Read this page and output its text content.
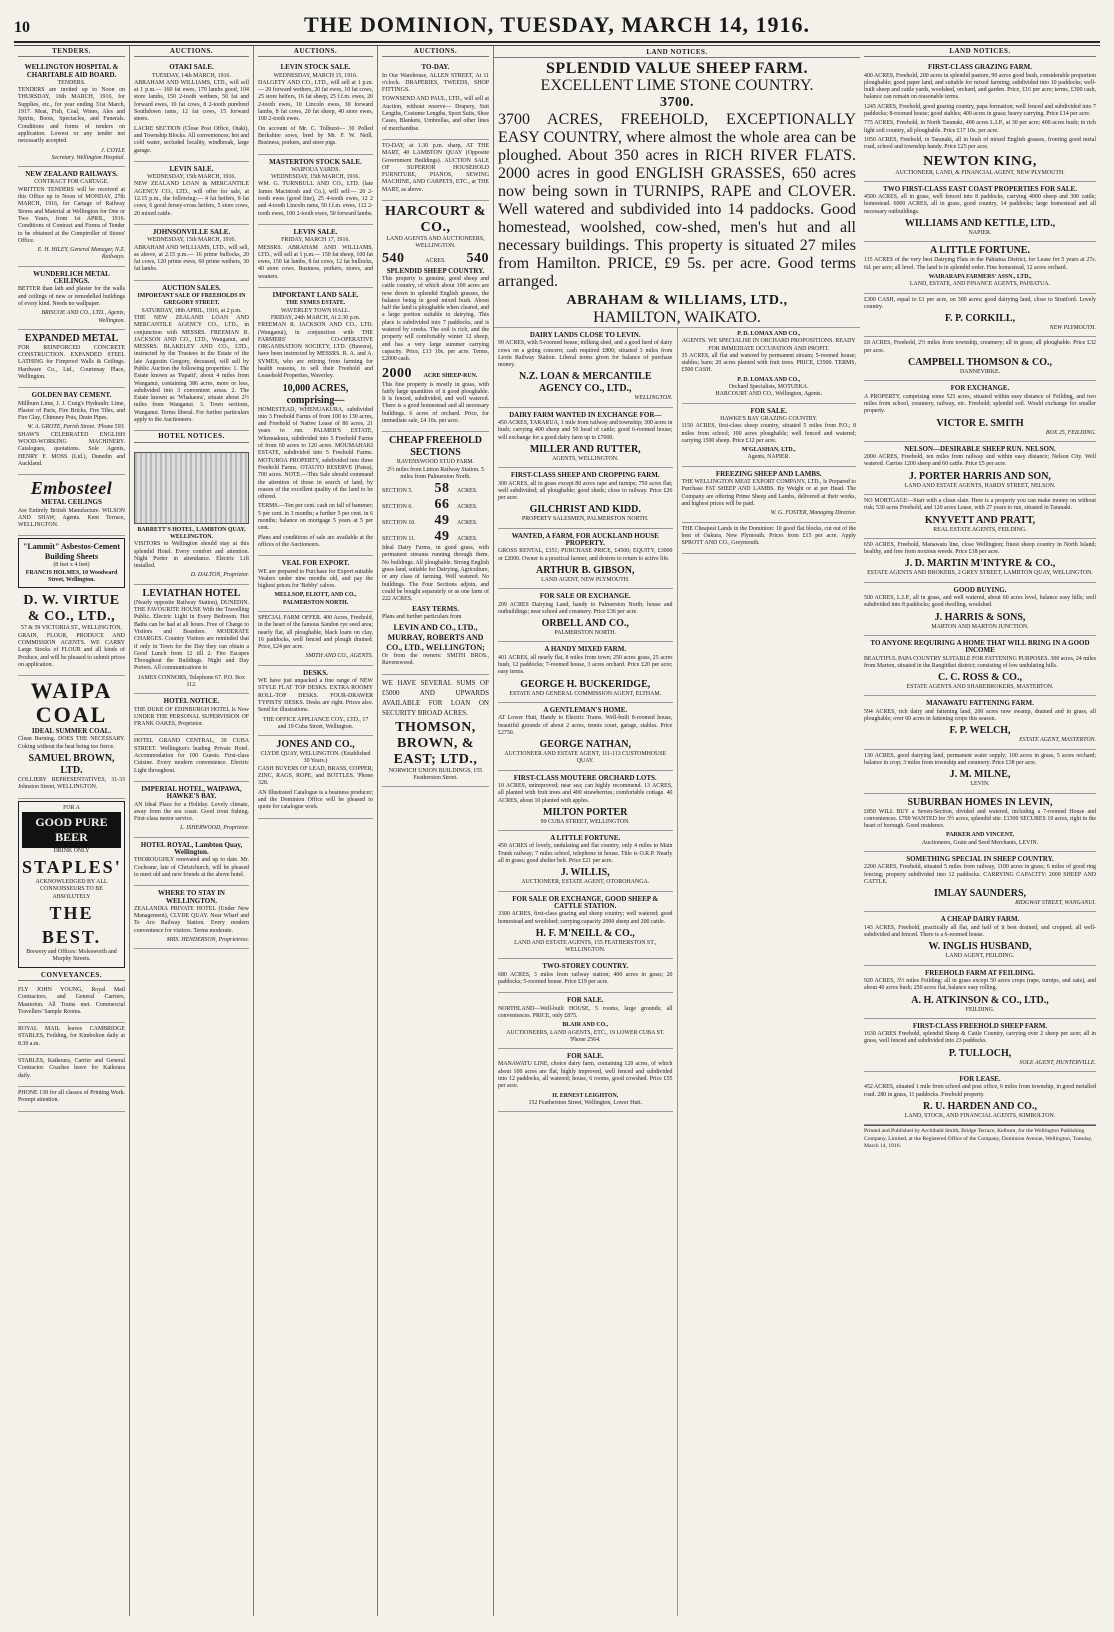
10	THE DOMINION, TUESDAY, MARCH 14, 1916.
TENDERS.
WELLINGTON HOSPITAL & CHARITABLE AID BOARD.
TENDERS.

TENDERS are invited up to Noon on THURSDAY, 16th MARCH, 1916, for Supplies, etc., for year ending 31st March, 1917. Meat, Fish, Coal, Wines, Ales and Spirits, Boots, Spectacles, and Funerals. Conditions and forms of tenders on application. Lowest or any tender not necessarily accepted.

J. COYLE
Secretary. Wellington Hospital.
NEW ZEALAND RAILWAYS.
CONTRACT FOR CARTAGE.

WRITTEN TENDERS will be received at this Office up to Noon of MONDAY, 27th MARCH, 1916, for Cartage of Railway Stores and Material at Wellington for One or Two Years, from 1st APRIL, 1916. Conditions of Contract and Forms of Tender to be obtained at the Comptroller of Stores' Office.

E. H. HILEY, General Manager, N.Z. Railways.
WUNDERLICH METAL CEILINGS.

BETTER than lath and plaster for the walls and ceilings of new or remodelled buildings of every kind. Needs no wallpaper.

BRISCOE AND CO., LTD., Agents, Wellington.
EXPANDED METAL

FOR REINFORCED CONCRETE CONSTRUCTION. EXPANDED STEEL LATHING for Fireproof Walls & Ceilings. Hardware Co., Ltd., Courtenay Place, Wellington.

GOLDEN BAY CEMENT.

Millburn Lime, J. J. Craig's Hydraulic Lime, Plaster of Paris, Fire Bricks, Fire Tiles, and Fire Clay, Chimney Pots, Drain Pipes.

W. A. GROTE, Parish Street. 'Phone 593.

SHAW'S CELEBRATED ENGLISH WOOD-WORKING MACHINERY. Catalogues, quotations. Sole Agents, HENRY F. MOSS (Ltd.), Dunedin and Auckland.

Embosteel
METAL CEILINGS

Are Entirely British Manufacture. WILSON AND SHAW, Agents. Kent Terrace, WELLINGTON.

"Lammit" Asbestos-Cement Building Sheets
(8 feet x 4 feet)
FRANCIS HOLMES, 10 Woodward Street, Wellington.
D. W. VIRTUE & CO., LTD.,
57 & 59 VICTORIA ST., WELLINGTON,

GRAIN, FLOUR, PRODUCE AND COMMISSION AGENTS. WE CARRY Large Stocks of FLOUR and all kinds of Produce, and will be pleased to submit prices on application.

WAIPA COAL
IDEAL SUMMER COAL.

Clean Burning. DOES THE NECESSARY. Coking without the heat being too fierce.

SAMUEL BROWN, LTD.

COLLIERY REPRESENTATIVES, 31-33 Johnston Street, WELLINGTON.

FOR A
GOOD PURE BEER
DRINK ONLY
STAPLES'
ACKNOWLEDGED BY ALL CONNOISSEURS TO BE ABSOLUTELY
THE BEST.
Brewery and Offices: Molesworth and Murphy Streets.
CONVEYANCES.

FLY JOHN YOUNG, Royal Mail Contractors, and General Carriers, Masterton. All Trains met. Commercial Travellers' Sample Rooms.

ROYAL MAIL leaves CAMBRIDGE STABLES, Feilding, for Kimbolton daily at 8.30 a.m.

STABLES, Kaikoura, Carrier and General Contractor. Coaches leave for Kaikoura daily.

PHONE 138 for all classes of Printing Work. Prompt attention.

AUCTIONS.
OTAKI SALE.
TUESDAY, 14th MARCH, 1916.

ABRAHAM AND WILLIAMS, LTD., will sell at 1 p.m.— 160 fat ewes, 170 lambs good, 104 store lambs, 150 2-tooth wethers, 50 fat and forward ewes, 10 fat cows, 8 2-tooth purebred Southdown rams, 12 fat cows, 15 forward steers.

LACRE SECTION (Close Post Office, Otaki), and Township Blocks. All conveniences; hot and cold water, secluded locality, windbreak, large garage.

LEVIN SALE.
WEDNESDAY, 15th MARCH, 1916.

NEW ZEALAND LOAN & MERCANTILE AGENCY CO., LTD., will offer for sale, at 12.15 p.m., the following:— 4 fat heifers, 8 fat cows, 6 good Jersey-cross heifers, 5 store cows, 20 mixed cattle.

JOHNSONVILLE SALE.
WEDNESDAY, 15th MARCH, 1916.

ABRAHAM AND WILLIAMS, LTD., will sell, as above, at 2.15 p.m.— 16 prime bullocks, 20 fat cows, 120 prime ewes, 60 prime wethers, 30 fat lambs.

AUCTION SALES.
IMPORTANT SALE OF FREEHOLDS IN GREGORY STREET.
SATURDAY, 18th APRIL, 1916, at 2 p.m.

THE NEW ZEALAND LOAN AND MERCANTILE AGENCY CO., LTD., in conjunction with MESSRS. FREEMAN R. JACKSON AND CO., LTD., Wanganui, and MESSRS. BLAKELEY AND CO., LTD., instructed by the Trustees in the Estate of the late Augustin Gregory, deceased, will sell by Public Auction the following properties: 1. The Estate known as 'Papaiti', about 4 miles from Wanganui, containing 386 acres, more or less, subdivided into 3 convenient areas. 2. The Estate known as 'Whakaora', situate about 2½ miles from Wanganui. 3. Town sections, Wanganui. Terms liberal. For further particulars apply to the Auctioneers.

HOTEL NOTICES.
BARRETT'S HOTEL, LAMBTON QUAY, WELLINGTON.

VISITORS to Wellington should stay at this splendid Hotel. Every comfort and attention. Night Porter in attendance. Electric Lift installed.

D. DALTON, Proprietor.
LEVIATHAN HOTEL

(Nearly opposite Railway Station), DUNEDIN. THE FAVOURITE HOUSE With the Travelling Public. Electric Light in Every Bedroom. Hot Baths can be had at all hours. Free of Charge to Visitors and Boarders. MODERATE CHARGES. Country Visitors are reminded that if only in Town for the Day they can obtain a Good Lunch from 12 till 2. Fire Escapes Throughout the Buildings. Night and Day Porters. All communications to

JAMES CONNORS, Telephone 67. P.O. Box 112.
HOTEL NOTICE.

THE DUKE OF EDINBURGH HOTEL Is Now UNDER THE PERSONAL SUPERVISION OF FRANK OAKES, Proprietor.

HOTEL GRAND CENTRAL, 39 CUBA STREET. Wellington's leading Private Hotel. Accommodation for 100 Guests. First-class Cuisine. Every modern convenience. Electric Light throughout.

IMPERIAL HOTEL, WAIPAWA, HAWKE'S BAY.

AN Ideal Place for a Holiday. Lovely climate, away from the sea coast. Good trout fishing. First-class motor service.

L. ISHERWOOD, Proprietor.
HOTEL ROYAL, Lambton Quay, Wellington.

THOROUGHLY renovated and up to date. Mr. Cochrane, late of Christchurch, will be pleased to meet old and new friends at the above hotel.

WHERE TO STAY IN WELLINGTON.

ZEALANDIA PRIVATE HOTEL (Under New Management), CLYDE QUAY. Near Wharf and Te Aro Railway Station. Every modern convenience for visitors. Terms moderate.

MRS. HENDERSON, Proprietress.
AUCTIONS.
LEVIN STOCK SALE.
WEDNESDAY, MARCH 15, 1916.

DALGETY AND CO., LTD., will sell at 1 p.m.— 20 forward wethers, 20 fat ewes, 10 fat cows, 25 store heifers, 16 fat sheep, 25 f.f.m. ewes, 20 2-tooth ewes, 10 Lincoln ewes, 30 forward lambs, 8 fat cows, 20 fat sheep, 40 store ewes, 100 2-tooth ewes.

On account of Mr. C. Tolhurst— 30 Polled Berkshire sows, bred by Mr. F. W. Neill. Business, porkers, and store pigs.

MASTERTON STOCK SALE.
WAIPOUA YARDS.
WEDNESDAY, 15th MARCH, 1916.

WM. G. TURNBULL AND CO., LTD. (late James Macintosh and Co.), will sell:— 20 2-tooth ewes (good line), 25 4-tooth ewes, 12 2 and 4-tooth Lincoln rams, 50 f.f.m. ewes, 112 2-tooth ewes, 100 2-tooth ewes, 50 forward lambs.

LEVIN SALE.
FRIDAY, MARCH 17, 1916.

MESSRS. ABRAHAM AND WILLIAMS, LTD., will sell at 1 p.m.— 150 fat sheep, 100 fat ewes, 150 fat lambs, 8 fat cows, 12 fat bullocks, 40 store cows. Business, porkers, stores, and weaners.

IMPORTANT LAND SALE.
THE SYMES ESTATE.
WAVERLEY TOWN HALL.
FRIDAY, 24th MARCH, At 2.30 p.m.

FREEMAN R. JACKSON AND CO., LTD. (Wanganui), in conjunction with THE FARMERS' CO-OPERATIVE ORGANISATION SOCIETY, LTD. (Hawera), have been instructed by MESSRS. R. A. and A. SYMES, who are retiring from farming for health reasons, to sell their Freehold and Leasehold Properties, Waverley.

10,000 ACRES, comprising—

HOMESTEAD, WHENUAKURA, subdivided into 3 Freehold Farms of from 100 to 130 acres, and Freehold of Native Lease of 86 acres, 21 years to run. PALMER'S ESTATE, Whenuakura, subdivided into 5 Freehold Farms of from 60 acres to 120 acres. MOUMAHAKI ESTATE, subdivided into 5 Freehold Farms. MOTUROA PROPERTY, subdivided into three Freehold Farms. OTAUTO RESERVE (Patea), 700 acres. NOTE.—This Sale should command the attention of those in search of land, by reason of the excellent quality of the land to be offered.

TERMS.—Ten per cent. cash on fall of hammer; 5 per cent. in 3 months; a further 5 per cent. in 6 months; balance on mortgage 5 years at 5 per cent.

Plans and conditions of sale are available at the offices of the Auctioneers.

VEAL FOR EXPORT.

WE are prepared to Purchase for Export suitable Vealers under nine months old, and pay the highest prices for 'Bobby' calves.

MELLSOP, ELIOTT, AND CO., PALMERSTON NORTH.

SPECIAL FARM OFFER. 400 Acres, Freehold, in the heart of the famous Sandon rye seed area; nearly flat, all ploughable, black loam on clay, 16 paddocks, well fenced and plough drained. Price, £24 per acre.

SMITH AND CO., AGENTS.
DESKS.

WE have just unpacked a fine range of NEW STYLE FLAT TOP DESKS. EXTRA ROOMY ROLL-TOP DESKS. FOUR-DRAWER TYPISTS' DESKS. Desks are right. Prices also. Send for illustrations.

THE OFFICE APPLIANCE COY., LTD., 17 and 19 Cuba Street, Wellington.
JONES AND CO.,
CLYDE QUAY, WELLINGTON. (Established 30 Years.)

CASH BUYERS OF LEAD, BRASS, COPPER, ZINC, RAGS, ROPE, and BOTTLES. 'Phone 328.

AN Illustrated Catalogue is a business producer; and the Dominion Office will be pleased to quote for catalogue work.

AUCTIONS.
TO-DAY.

In Our Warehouse, ALLEN STREET, At 11 o'clock. DRAPERIES, TWEEDS, SHOP FITTINGS.

TOWNSEND AND PAUL, LTD., will sell at Auction, without reserve— Drapery, Suit Lengths, Costume Lengths, Sport Suits, Shoe Cases, Blankets, Umbrellas, and other lines of merchandise.

TO-DAY, at 1.30 p.m. sharp, AT THE MART, 40 LAMBTON QUAY (Opposite Government Buildings). AUCTION SALE OF SUPERIOR HOUSEHOLD FURNITURE, PIANOS, SEWING MACHINE, AND CARPETS, ETC., at THE MART, as above.

HARCOURT & CO.,
LAND AGENTS AND AUCTIONEERS, WELLINGTON.
540	ACRES.	540
SPLENDID SHEEP COUNTRY.

This property is genuine, good sheep and cattle country, of which about 100 acres are now down in splendid English grasses, the balance being in good mixed bush. About half the land is ploughable when cleared, and a large portion suitable to dairying. This place is subdivided into 7 paddocks, and is watered by creeks. The soil is rich, and the property will comfortably winter 12 sheep, and has a very large summer carrying capacity. Price, £13 10s. per acre. Terms, £2000 cash.

2000	ACRE SHEEP-RUN.

This fine property is mostly in grass, with fairly large quantities of it good ploughable. It is fenced, subdivided, and well watered. There is a good homestead and all necessary buildings. 6 acres of orchard. Price, for immediate sale, £4 10s. per acre.

CHEAP FREEHOLD SECTIONS
RAVENSWOOD STUD FARM.
2½ miles from Linton Railway Station. 5 miles from Palmerston North.
SECTION 5.	58	ACRES.
SECTION 6.	66	ACRES.
SECTION 10.	49	ACRES.
SECTION 11.	49	ACRES.

Ideal Dairy Farms, in good grass, with permanent streams running through them. No buildings. All ploughable. Strong English grass land, suitable for Dairying, Agriculture, or any class of farming. Well watered. No buildings. The Four Sections adjoin, and could be bought separately or as one farm of 222 ACRES.

EASY TERMS.

Plans and further particulars from

LEVIN AND CO., LTD., MURRAY, ROBERTS AND CO., LTD., WELLINGTON;

Or from the owners: SMITH BROS., Ravenswood.

WE HAVE SEVERAL SUMS OF £5000 AND UPWARDS AVAILABLE FOR LOAN ON SECURITY BROAD ACRES.

THOMSON, BROWN, & EAST; LTD.,
NORWICH UNION BUILDINGS, 155 Featherston Street.
LAND NOTICES.
SPLENDID VALUE SHEEP FARM.
EXCELLENT LIME STONE COUNTRY.
3700.

3700 ACRES, FREEHOLD, EXCEPTIONALLY EASY COUNTRY, where almost the whole area can be ploughed. About 350 acres in RICH RIVER FLATS. 2000 acres in good ENGLISH GRASSES, 650 acres now being sown in TURNIPS, RAPE and CLOVER. Well watered and subdivided into 14 paddocks. Good homestead, woolshed, cow-shed, men's hut and all necessary buildings. This property is situated 27 miles from Hamilton. PRICE, £9 5s. per acre. Good terms arranged.

ABRAHAM & WILLIAMS, LTD.,
HAMILTON, WAIKATO.
DAIRY LANDS CLOSE TO LEVIN.

99 ACRES, with 5-roomed house, milking shed, and a good herd of dairy cows on a going concern; cash required £800; situated 3 miles from Levin Railway Station. Liberal terms given for balance of purchase money.

N.Z. LOAN & MERCANTILE AGENCY CO., LTD.,
WELLINGTON.
DAIRY FARM WANTED IN EXCHANGE FOR—

450 ACRES, TARARUA, 1 mile from railway and township; 300 acres in bush; carrying 400 sheep and 50 head of cattle; good 6-roomed house; will exchange for a good dairy farm up to £7000.

MILLER AND RUTTER,
AGENTS, WELLINGTON.
FIRST-CLASS SHEEP AND CROPPING FARM.

300 ACRES, all in grass except 80 acres rape and turnips; 750 acres flat; well subdivided; all ploughable; good sheds; close to railway. Price £26 per acre.

GILCHRIST AND KIDD.
PROPERTY SALESMEN, PALMERSTON NORTH.
WANTED, A FARM, FOR AUCKLAND HOUSE PROPERTY.

GROSS RENTAL, £351; PURCHASE PRICE, £4500; EQUITY, £3000 or £2000. Owner is a practical farmer, and desires to return to active life.

ARTHUR B. GIBSON,
LAND AGENT, NEW PLYMOUTH.
FOR SALE OR EXCHANGE.

209 ACRES Dairying Land, handy to Palmerston North; house and outbuildings; near school and creamery. Price £36 per acre.

ORBELL AND CO.,
PALMERSTON NORTH.
A HANDY MIXED FARM.

401 ACRES, all nearly flat, 8 miles from town; 250 acres grass, 25 acres bush, 12 paddocks; 7-roomed house, 3 acres orchard. Price £20 per acre; easy terms.

GEORGE H. BUCKERIDGE,
ESTATE AND GENERAL COMMISSION AGENT, ELTHAM.
A GENTLEMAN'S HOME.

AT Lower Hutt, Handy to Electric Trams. Well-built 8-roomed house, beautiful grounds of about 2 acres, tennis court, garage, stables. Price £2750.

GEORGE NATHAN,
AUCTIONEER AND ESTATE AGENT, 111-113 CUSTOMHOUSE QUAY.
FIRST-CLASS MOUTERE ORCHARD LOTS.

10 ACRES, unimproved; near sea; can highly recommend. 13 ACRES, all planted with fruit trees and 400 strawberries; comfortable cottage. 40 ACRES, about 10 planted with apples.

MILTON PORTER
99 CUBA STREET, WELLINGTON.
A LITTLE FORTUNE.

450 ACRES of lovely, undulating and flat country, only 4 miles to Main Trunk railway; 7 miles school, telephone in house. Title is O.R.P. Nearly all in grass; good shelter belt. Price £21 per acre.

J. WILLIS,
AUCTIONEER, ESTATE AGENT, OTOROHANGA.
FOR SALE OR EXCHANGE, GOOD SHEEP & CATTLE STATION.

3300 ACRES, first-class grazing and sheep country; well watered; good homestead and woolshed; carrying capacity 2000 sheep and 200 cattle.

H. F. M'NEILL & CO.,
LAND AND ESTATE AGENTS, 155 FEATHERSTON ST., WELLINGTON.
TWO-STOREY COUNTRY.

680 ACRES, 3 miles from railway station; 400 acres in grass; 20 paddocks; 5-roomed house. Price £19 per acre.

FOR SALE.

NORTHLAND—Well-built HOUSE, 5 rooms, large grounds; all conveniences. PRICE, only £875.

BLAIR AND CO.,
AUCTIONEERS, LAND AGENTS, ETC., 19 LOWER CUBA ST.
'Phone 2564.
FOR SALE.

MANAWATU LINE, choice dairy farm, containing 120 acres, of which about 100 acres are flat, highly improved, well fenced and subdivided into 12 paddocks, all watered; house, 6 rooms, good cowshed. Price £55 per acre.

H. ERNEST LEIGHTON,
152 Featherston Street, Wellington, Lower Hutt.
P. D. LOMAX AND CO.,
AGENTS. WE SPECIALISE IN ORCHARD PROPOSITIONS. READY FOR IMMEDIATE OCCUPATION AND PROFIT.

35 ACRES, all flat and watered by permanent stream; 5-roomed house; stables; barn; 20 acres planted with fruit trees. PRICE, £3500. TERMS, £500 CASH.

P. D. LOMAX AND CO.,
Orchard Specialists, MOTUEKA.
HARCOURT AND CO., Wellington, Agents.
FOR SALE.
HAWKE'S BAY GRAZING COUNTRY.

1150 ACRES, first-class sheep country, situated 5 miles from P.O.; 8 miles from school; 100 acres ploughable; well fenced and watered; carrying 1500 sheep. Price £12 per acre.

M'GLASHAN, LTD.,
Agents, NAPIER.
FREEZING SHEEP AND LAMBS.

THE WELLINGTON MEAT EXPORT COMPANY, LTD., Is Prepared to Purchase FAT SHEEP AND LAMBS. By Weight or at per Head. The Company are offering Prime Sheep and Lambs, delivered at their works, and highest prices will be paid.

W. G. FOSTER, Managing Director.

THE Cheapest Lands in the Dominion: 10 good flat blocks, cut out of the best of Oakura, New Plymouth. Prices from £15 per acre. Apply SPROTT AND CO., Greymouth.

LAND NOTICES.
FIRST-CLASS GRAZING FARM.

400 ACRES, Freehold, 200 acres in splendid pasture, 90 acres good bush, considerable proportion ploughable; good paper land, and suitable for mixed farming; subdivided into 10 paddocks; well-built sheep and cattle yards, woolshed, orchard, and garden. Price, £16 per acre; terms, £300 cash, balance can remain on reasonable terms.

1245 ACRES, Freehold, good grazing country, papa formation; well fenced and subdivided into 7 paddocks; 8-roomed house; good stables; 400 acres in grass; heavy carrying. Price £14 per acre.

775 ACRES, Freehold, in North Taranaki, 400 acres L.I.P., at 30 per acre; 400 acres bush; in rich light soil country, all ploughable. Price £17 10s. per acre.

1050 ACRES, Freehold, in Taranaki, all in bush of mixed English grasses, fronting good metal road, school and township handy. Price £25 per acre.

NEWTON KING,
AUCTIONEER, LAND, & FINANCIAL AGENT, NEW PLYMOUTH.
TWO FIRST-CLASS EAST COAST PROPERTIES FOR SALE.

4500 ACRES, all in grass, well fenced into 8 paddocks, carrying 4000 sheep and 300 cattle; homestead. 6000 ACRES, all in grass, good country, 14 paddocks; large homestead and all necessary outbuildings.

WILLIAMS AND KETTLE, LTD.,
NAPIER.
A LITTLE FORTUNE.

115 ACRES of the very best Dairying Flats in the Pahiatua District, for Lease for 5 years at 27s. 6d. per acre; all level. The land is in splendid order. Fine homestead, 12 acres orchard.

WAIRARAPA FARMERS' ASSN., LTD.,
LAND, ESTATE, AND FINANCE AGENTS, PAHIATUA.

£300 CASH, equal to £1 per acre, on 300 acres; good dairying land, close to Stratford. Lovely country.

F. P. CORKILL,
NEW PLYMOUTH.

£8 ACRES, Freehold, 2½ miles from township, creamery; all in grass; all ploughable. Price £32 per acre.

CAMPBELL THOMSON & CO.,
DANNEVIRKE.
FOR EXCHANGE.

A PROPERTY, comprising some 525 acres, situated within easy distance of Feilding, and two miles from school, creamery, railway, etc. Freehold; splendid soil. Would exchange for smaller property.

VICTOR E. SMITH
BOX 25, FEILDING.
NELSON—DESIRABLE SHEEP RUN. NELSON.

2000 ACRES, Freehold, ten miles from railway and within easy distance; Nelson City. Well watered. Carries 1200 sheep and 60 cattle. Price £5 per acre.

J. PORTER HARRIS AND SON,
LAND AND ESTATE AGENTS, HARDY STREET, NELSON.

NO MORTGAGE—Start with a clean slate. Here is a property you can make money on without risk; 530 acres Freehold, and 120 acres Lease, with 27 years to run, situated in Taranaki.

KNYVETT AND PRATT,
REAL ESTATE AGENTS, FEILDING.

650 ACRES, Freehold, Manawatu line, close Wellington; finest sheep country in North Island; healthy, and free from noxious weeds. Price £18 per acre.

J. D. MARTIN M'INTYRE & CO.,
ESTATE AGENTS AND BROKERS, 2 GREY STREET, LAMBTON QUAY, WELLINGTON.
GOOD BUYING.

500 ACRES, L.I.P., all in grass, and well watered, about 60 acres level, balance easy hills; well subdivided into 8 paddocks; good dwelling, woolshed.

J. HARRIS & SONS,
MARTON AND MARTON JUNCTION.
TO ANYONE REQUIRING A HOME THAT WILL BRING IN A GOOD INCOME

BEAUTIFUL PAPA COUNTRY SUITABLE FOR FATTENING PURPOSES. 300 acres, 24 miles from Marton, situated in the Rangitikei district; consisting of low undulating hills.

C. C. ROSS & CO.,
ESTATE AGENTS AND SHAREBROKERS, MASTERTON.
MANAWATU FATTENING FARM.

594 ACRES, rich dairy and fattening land, 200 acres now swamp, drained and in grass, all ploughable; over 60 acres in fattening crops this season.

F. P. WELCH,
ESTATE AGENT, MASTERTON.

130 ACRES, good dairying land, permanent water supply; 100 acres in grass, 5 acres orchard; balance in crop; 3 miles from township and creamery. Price £38 per acre.

J. M. MILNE,
LEVIN.
SUBURBAN HOMES IN LEVIN,

£850 WILL BUY a Seven-Section, divided and watered, including a 7-roomed House and conveniences. £700 WANTED for 3½ acres, splendid site. £1300 SECURES 10 acres, right in the heart of borough. Good residence.

PARKER AND VINCENT,
Auctioneers, Grain and Seed Merchants, LEVIN.
SOMETHING SPECIAL IN SHEEP COUNTRY.

2200 ACRES, Freehold, situated 5 miles from railway, 1100 acres in grass; 6 miles of good ring fencing; property subdivided into 12 paddocks. CARRYING CAPACITY: 2000 SHEEP AND CATTLE.

IMLAY SAUNDERS,
RIDGWAY STREET, WANGANUI.
A CHEAP DAIRY FARM.

143 ACRES, Freehold, practically all flat, and half of it best drained, and cropped; all well-subdivided and fenced. There is a 6-roomed house.

W. INGLIS HUSBAND,
LAND AGENT, FEILDING.
FREEHOLD FARM AT FEILDING.

920 ACRES, 3½ miles Feilding; all in grass except 50 acres crops (rape, turnips, and oats), and about 40 acres bush; 250 acres flat, balance easy rolling.

A. H. ATKINSON & CO., LTD.,
FEILDING.
FIRST-CLASS FREEHOLD SHEEP FARM.

1630 ACRES Freehold, splendid Sheep & Cattle Country, carrying over 2 sheep per acre; all in grass, well fenced and subdivided into 23 paddocks.

P. TULLOCH,
SOLE AGENT, HUNTERVILLE.
FOR LEASE.

452 ACRES, situated 1 mile from school and post office, 6 miles from township, in good metalled road. 280 in grass, 11 paddocks. Freehold property.

R. U. HARDEN AND CO.,
LAND, STOCK, AND FINANCIAL AGENTS, KIMBOLTON.
Printed and Published by Archibald Smith, Bridge Terrace, Kelburn, for the Wellington Publishing Company, Limited, at the Registered Office of the Company, Dominion Avenue, Wellington, Tuesday, March 14, 1916.
